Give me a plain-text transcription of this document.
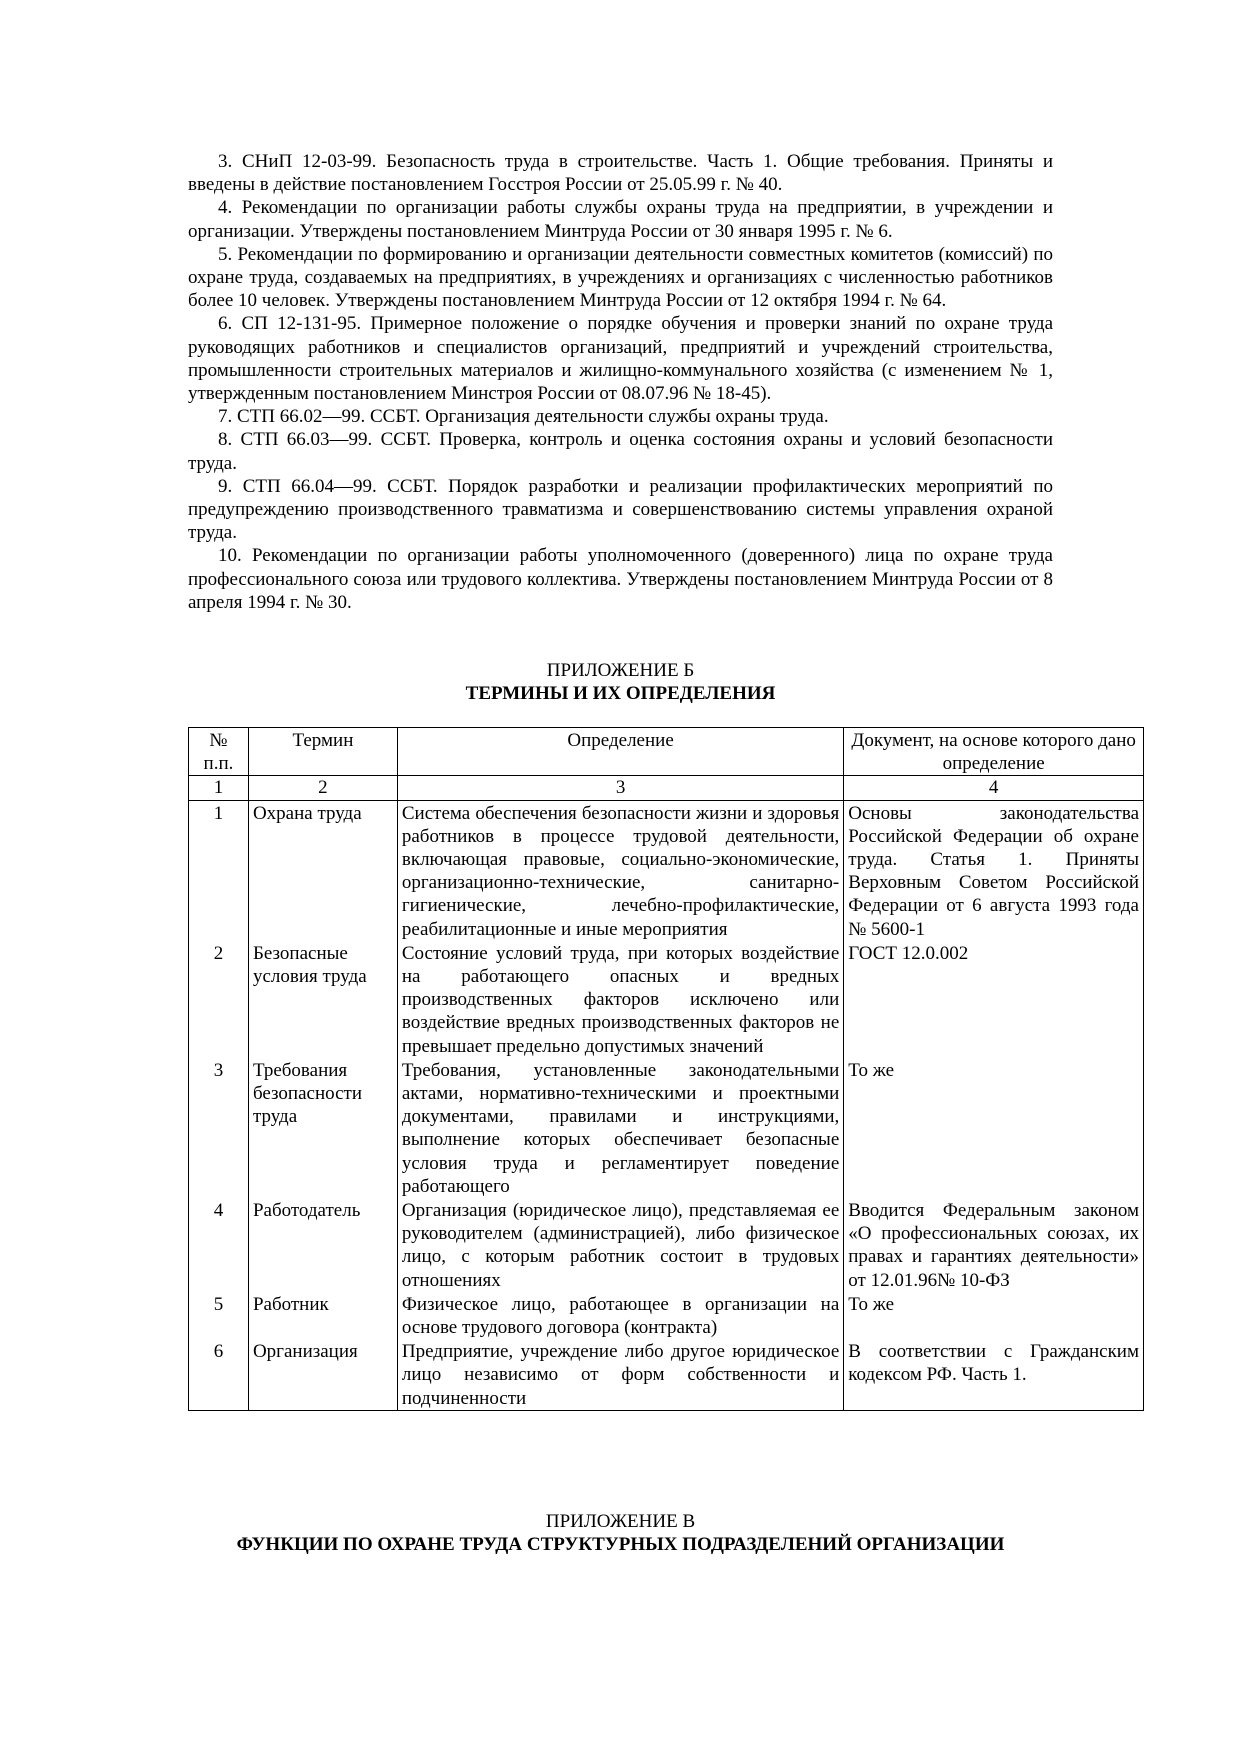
3. СНиП 12-03-99. Безопасность труда в строительстве. Часть 1. Общие требования. Приняты и введены в действие постановлением Госстроя России от 25.05.99 г. № 40.

4. Рекомендации по организации работы службы охраны труда на предприятии, в учреждении и организации. Утверждены постановлением Минтруда России от 30 января 1995 г. № 6.

5. Рекомендации по формированию и организации деятельности совместных комитетов (комиссий) по охране труда, создаваемых на предприятиях, в учреждениях и организациях с численностью работников более 10 человек. Утверждены постановлением Минтруда России от 12 октября 1994 г. № 64.

6. СП 12-131-95. Примерное положение о порядке обучения и проверки знаний по охране труда руководящих работников и специалистов организаций, предприятий и учреждений строительства, промышленности строительных материалов и жилищно-коммунального хозяйства (с изменением № 1, утвержденным постановлением Минстроя России от 08.07.96 № 18-45).

7. СТП 66.02—99. ССБТ. Организация деятельности службы охраны труда.

8. СТП 66.03—99. ССБТ. Проверка, контроль и оценка состояния охраны и условий безопасности труда.

9. СТП 66.04—99. ССБТ. Порядок разработки и реализации профилактических мероприятий по предупреждению производственного травматизма и совершенствованию системы управления охраной труда.

10. Рекомендации по организации работы уполномоченного (доверенного) лица по охране труда профессионального союза или трудового коллектива. Утверждены постановлением Минтруда России от 8 апреля 1994 г. № 30.

ПРИЛОЖЕНИЕ Б
ТЕРМИНЫ И ИХ ОПРЕДЕЛЕНИЯ
№ п.п.	Термин	Определение	Документ, на основе которого дано определение
1	2	3	4
1	Охрана труда	Система обеспечения безопасности жизни и здоровья работников в процессе трудовой деятельности, включающая правовые, социально-экономические, организационно-технические, санитарно-гигиенические, лечебно-профилактические, реабилитационные и иные мероприятия	Основы законодательства Российской Федерации об охране труда. Статья 1. Приняты Верховным Советом Российской Федерации от 6 августа 1993 года № 5600-1
2	Безопасные условия труда	Состояние условий труда, при которых воздействие на работающего опасных и вредных производственных факторов исключено или воздействие вредных производственных факторов не превышает предельно допустимых значений	ГОСТ 12.0.002
3	Требования безопасности труда	Требования, установленные законодательными актами, нормативно-техническими и проектными документами, правилами и инструкциями, выполнение которых обеспечивает безопасные условия труда и регламентирует поведение работающего	То же
4	Работодатель	Организация (юридическое лицо), представляемая ее руководителем (администрацией), либо физическое лицо, с которым работник состоит в трудовых отношениях	Вводится Федеральным законом «О профессиональных союзах, их правах и гарантиях деятельности» от 12.01.96№ 10-ФЗ
5	Работник	Физическое лицо, работающее в организации на основе трудового договора (контракта)	То же
6	Организация	Предприятие, учреждение либо другое юридическое лицо независимо от форм собственности и подчиненности	В соответствии с Гражданским кодексом РФ. Часть 1.
ПРИЛОЖЕНИЕ В
ФУНКЦИИ ПО ОХРАНЕ ТРУДА СТРУКТУРНЫХ ПОДРАЗДЕЛЕНИЙ ОРГАНИЗАЦИИ
